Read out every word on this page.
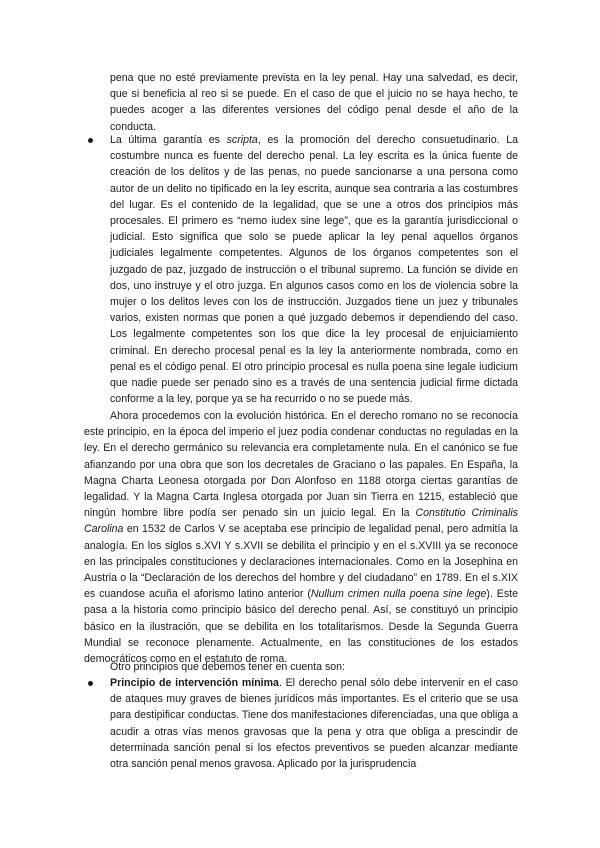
pena que no esté previamente prevista en la ley penal. Hay una salvedad, es decir, que si beneficia al reo si se puede. En el caso de que el juicio no se haya hecho, te puedes acoger a las diferentes versiones del código penal desde el año de la conducta.

La última garantía es scripta, es la promoción del derecho consuetudinario. La costumbre nunca es fuente del derecho penal. La ley escrita es la única fuente de creación de los delitos y de las penas, no puede sancionarse a una persona como autor de un delito no tipificado en la ley escrita, aunque sea contraria a las costumbres del lugar. Es el contenido de la legalidad, que se une a otros dos principios más procesales. El primero es “nemo iudex sine lege”, que es la garantía jurisdiccional o judicial. Esto significa que solo se puede aplicar la ley penal aquellos órganos judiciales legalmente competentes. Algunos de los órganos competentes son el juzgado de paz, juzgado de instrucción o el tribunal supremo. La función se divide en dos, uno instruye y el otro juzga. En algunos casos como en los de violencia sobre la mujer o los delitos leves con los de instrucción. Juzgados tiene un juez y tribunales varios, existen normas que ponen a qué juzgado debemos ir dependiendo del caso. Los legalmente competentes son los que dice la ley procesal de enjuiciamiento criminal. En derecho procesal penal es la ley la anteriormente nombrada, como en penal es el código penal. El otro principio procesal es nulla poena sine legale iudicium que nadie puede ser penado sino es a través de una sentencia judicial firme dictada conforme a la ley, porque ya se ha recurrido o no se puede más.

Ahora procedemos con la evolución histórica. En el derecho romano no se reconocía este principio, en la época del imperio el juez podía condenar conductas no reguladas en la ley. En el derecho germánico su relevancia era completamente nula. En el canónico se fue afianzando por una obra que son los decretales de Graciano o las papales. En España, la Magna Charta Leonesa otorgada por Don Alonfoso en 1188 otorga ciertas garantías de legalidad. Y la Magna Carta Inglesa otorgada por Juan sin Tierra en 1215, estableció que ningún hombre libre podía ser penado sin un juicio legal. En la Constitutio Criminalis Carolina en 1532 de Carlos V se aceptaba ese principio de legalidad penal, pero admitía la analogía. En los siglos s.XVI Y s.XVII se debilita el principio y en el s.XVIII ya se reconoce en las principales constituciones y declaraciones internacionales. Como en la Josephina en Austria o la “Declaración de los derechos del hombre y del ciudadano” en 1789. En el s.XIX es cuandose acuña el aforismo latino anterior (Nullum crimen nulla poena sine lege). Este pasa a la historia como principio básico del derecho penal. Así, se constituyó un principio básico en la ilustración, que se debilita en los totalitarismos. Desde la Segunda Guerra Mundial se reconoce plenamente. Actualmente, en las constituciones de los estados democráticos como en el estatuto de roma.

Otro principios que debemos tener en cuenta son:

Principio de intervención mínima. El derecho penal sólo debe intervenir en el caso de ataques muy graves de bienes jurídicos más importantes. Es el criterio que se usa para destipificar conductas. Tiene dos manifestaciones diferenciadas, una que obliga a acudir a otras vías menos gravosas que la pena y otra que obliga a prescindir de determinada sanción penal si los efectos preventivos se pueden alcanzar mediante otra sanción penal menos gravosa. Aplicado por la jurisprudencia
